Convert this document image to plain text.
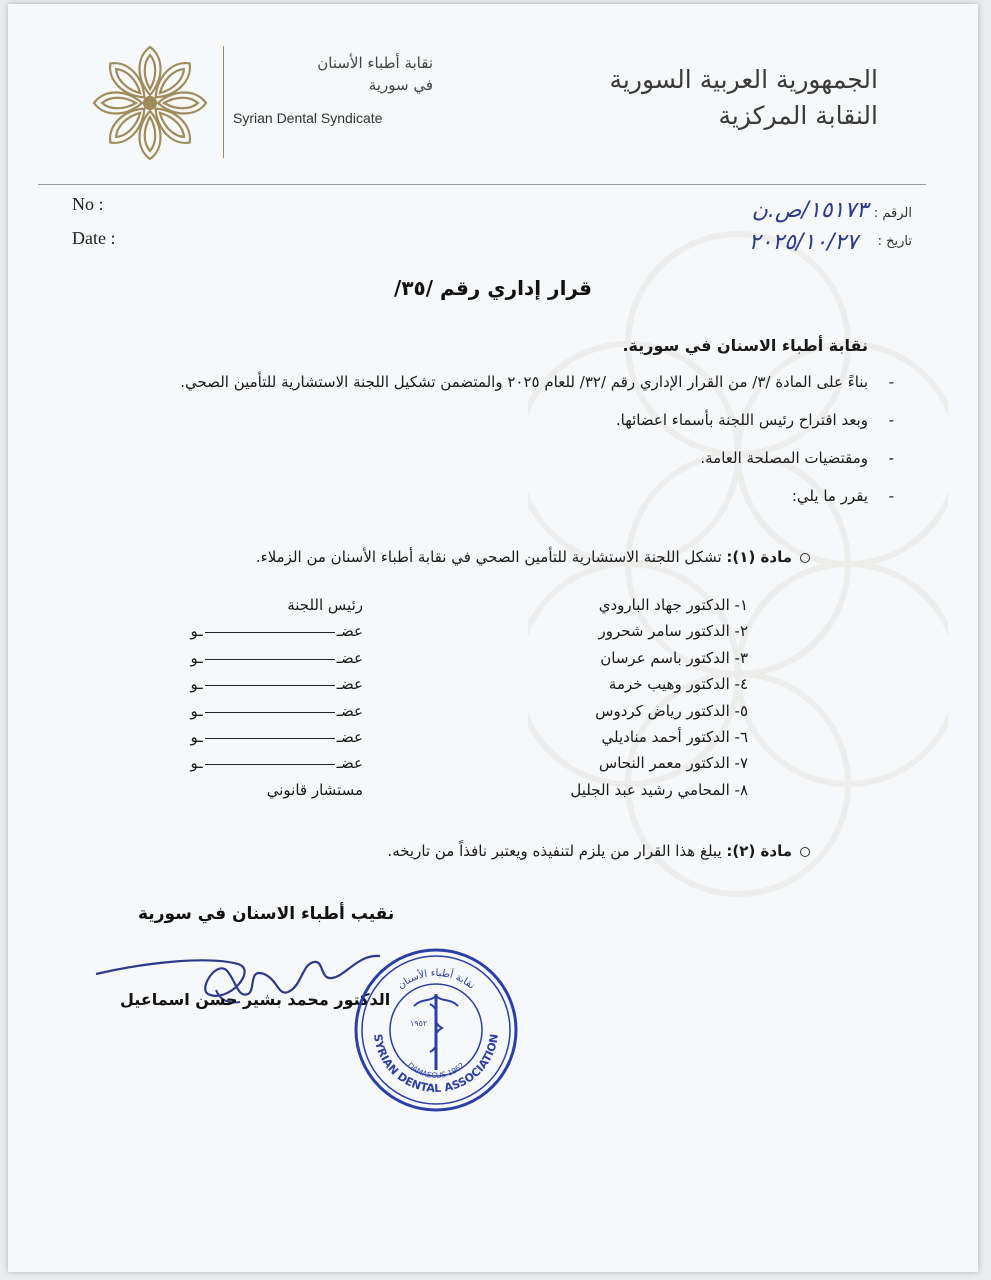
الجمهورية العربية السورية
النقابة المركزية
نقابة أطباء الأسنان
في سورية
Syrian Dental Syndicate
No :
Date :
الرقم :
تاريخ :
١٥١٧٣/ص.ن
٢٠٢٥/١٠/٢٧
قرار إداري رقم /٣٥/
نقابة أطباء الاسنان في سورية.
-
بناءً على المادة /٣/ من القرار الإداري رقم /٣٢/ للعام ٢٠٢٥ والمتضمن تشكيل اللجنة الاستشارية للتأمين الصحي.
-
وبعد اقتراح رئيس اللجنة بأسماء اعضائها.
-
ومقتضيات المصلحة العامة.
-
يقرر ما يلي:
مادة (١): تشكل اللجنة الاستشارية للتأمين الصحي في نقابة أطباء الأسنان من الزملاء.
١- الدكتور جهاد البارودي
رئيس اللجنة
٢- الدكتور سامر شحرور
عضــو
٣- الدكتور باسم عرسان
عضــو
٤- الدكتور وهيب خرمة
عضــو
٥- الدكتور رياض كردوس
عضــو
٦- الدكتور أحمد منادیلي
عضــو
٧- الدكتور معمر النحاس
عضــو
٨- المحامي رشيد عبد الجليل
مستشار قانوني
مادة (٢): يبلغ هذا القرار من يلزم لتنفيذه ويعتبر نافذاً من تاريخه.
نقيب أطباء الاسنان في سورية
الدكتور محمد بشير حسن اسماعيل
SYRIAN DENTAL ASSOCIATION
نقابة أطباء الأسنان
DAMASCUS 1962
١٩٥٢
